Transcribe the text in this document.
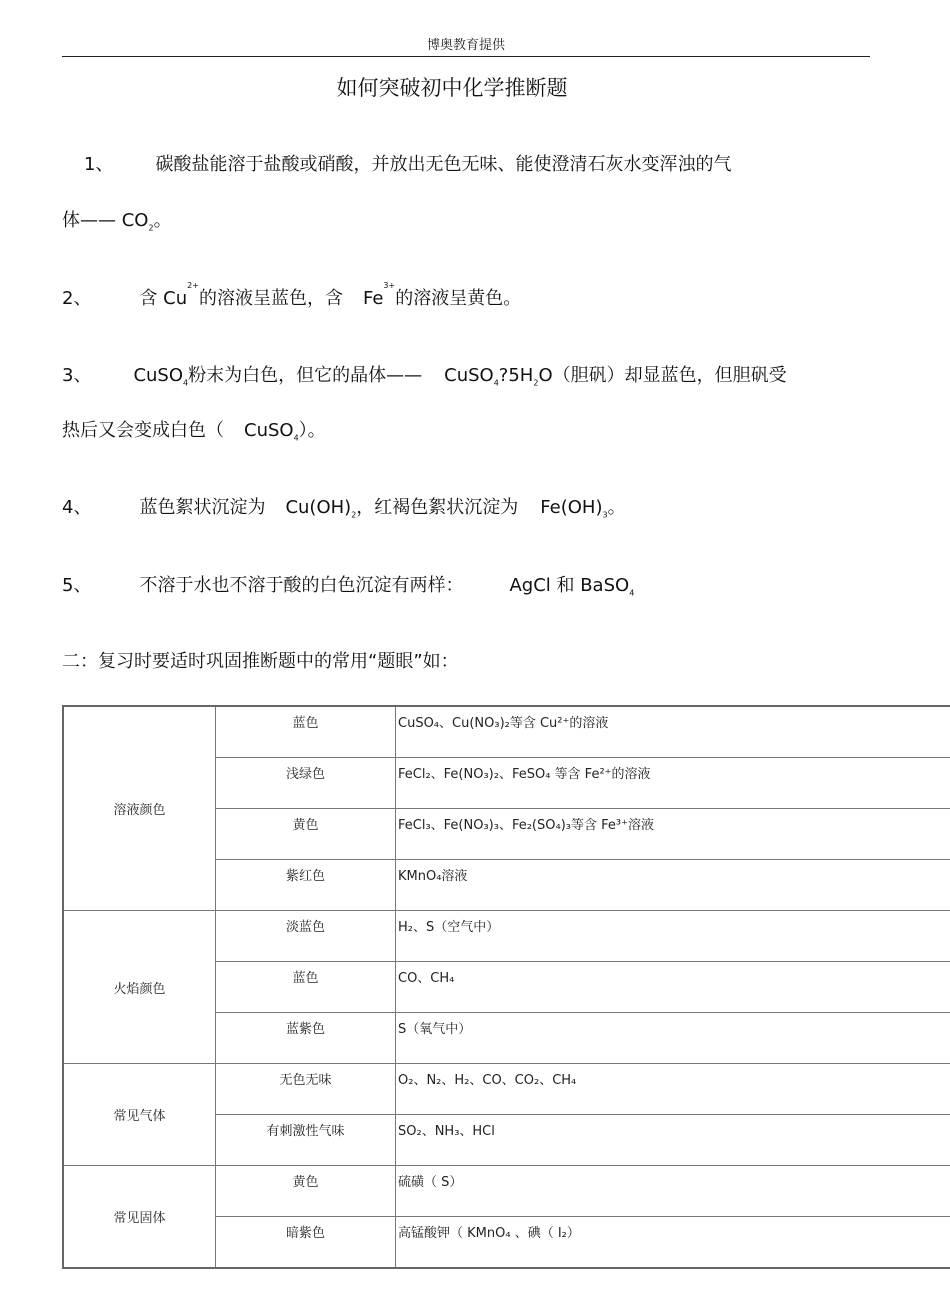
博奥教育提供
如何突破初中化学推断题
1、 碳酸盐能溶于盐酸或硝酸，并放出无色无味、能使澄清石灰水变浑浊的气
体—— $CO_2$。
2、	含 $Cu^{2+}$的溶液呈蓝色，含 $Fe^{3+}$的溶液呈黄色。
3、 CuSO$_4$粉末为白色，但它的晶体—— $CuSO_4?5H_2O$（胆矾）却显蓝色，但胆矾受
热后又会变成白色（ CuSO$_4$）。
4、	蓝色絮状沉淀为 $Cu(OH)_2$，红褐色絮状沉淀为 $Fe(OH)_3$。
5、	不溶于水也不溶于酸的白色沉淀有两样：	AgCl 和 BaSO$_4$
二：复习时要适时巩固推断题中的常用“题眼”如：
溶液颜色	蓝色	CuSO₄、Cu(NO₃)₂等含 Cu²⁺的溶液
	浅绿色	FeCl₂、Fe(NO₃)₂、FeSO₄ 等含 Fe²⁺的溶液
	黄色	FeCl₃、Fe(NO₃)₃、Fe₂(SO₄)₃等含 Fe³⁺溶液
	紫红色	KMnO₄溶液
火焰颜色	淡蓝色	H₂、S（空气中）
	蓝色	CO、CH₄
	蓝紫色	S（氧气中）
常见气体	无色无味	O₂、N₂、H₂、CO、CO₂、CH₄
	有刺激性气味	SO₂、NH₃、HCl
常见固体	黄色	硫磺（ S）
	暗紫色	高锰酸钾（ KMnO₄ 、碘（ I₂）
